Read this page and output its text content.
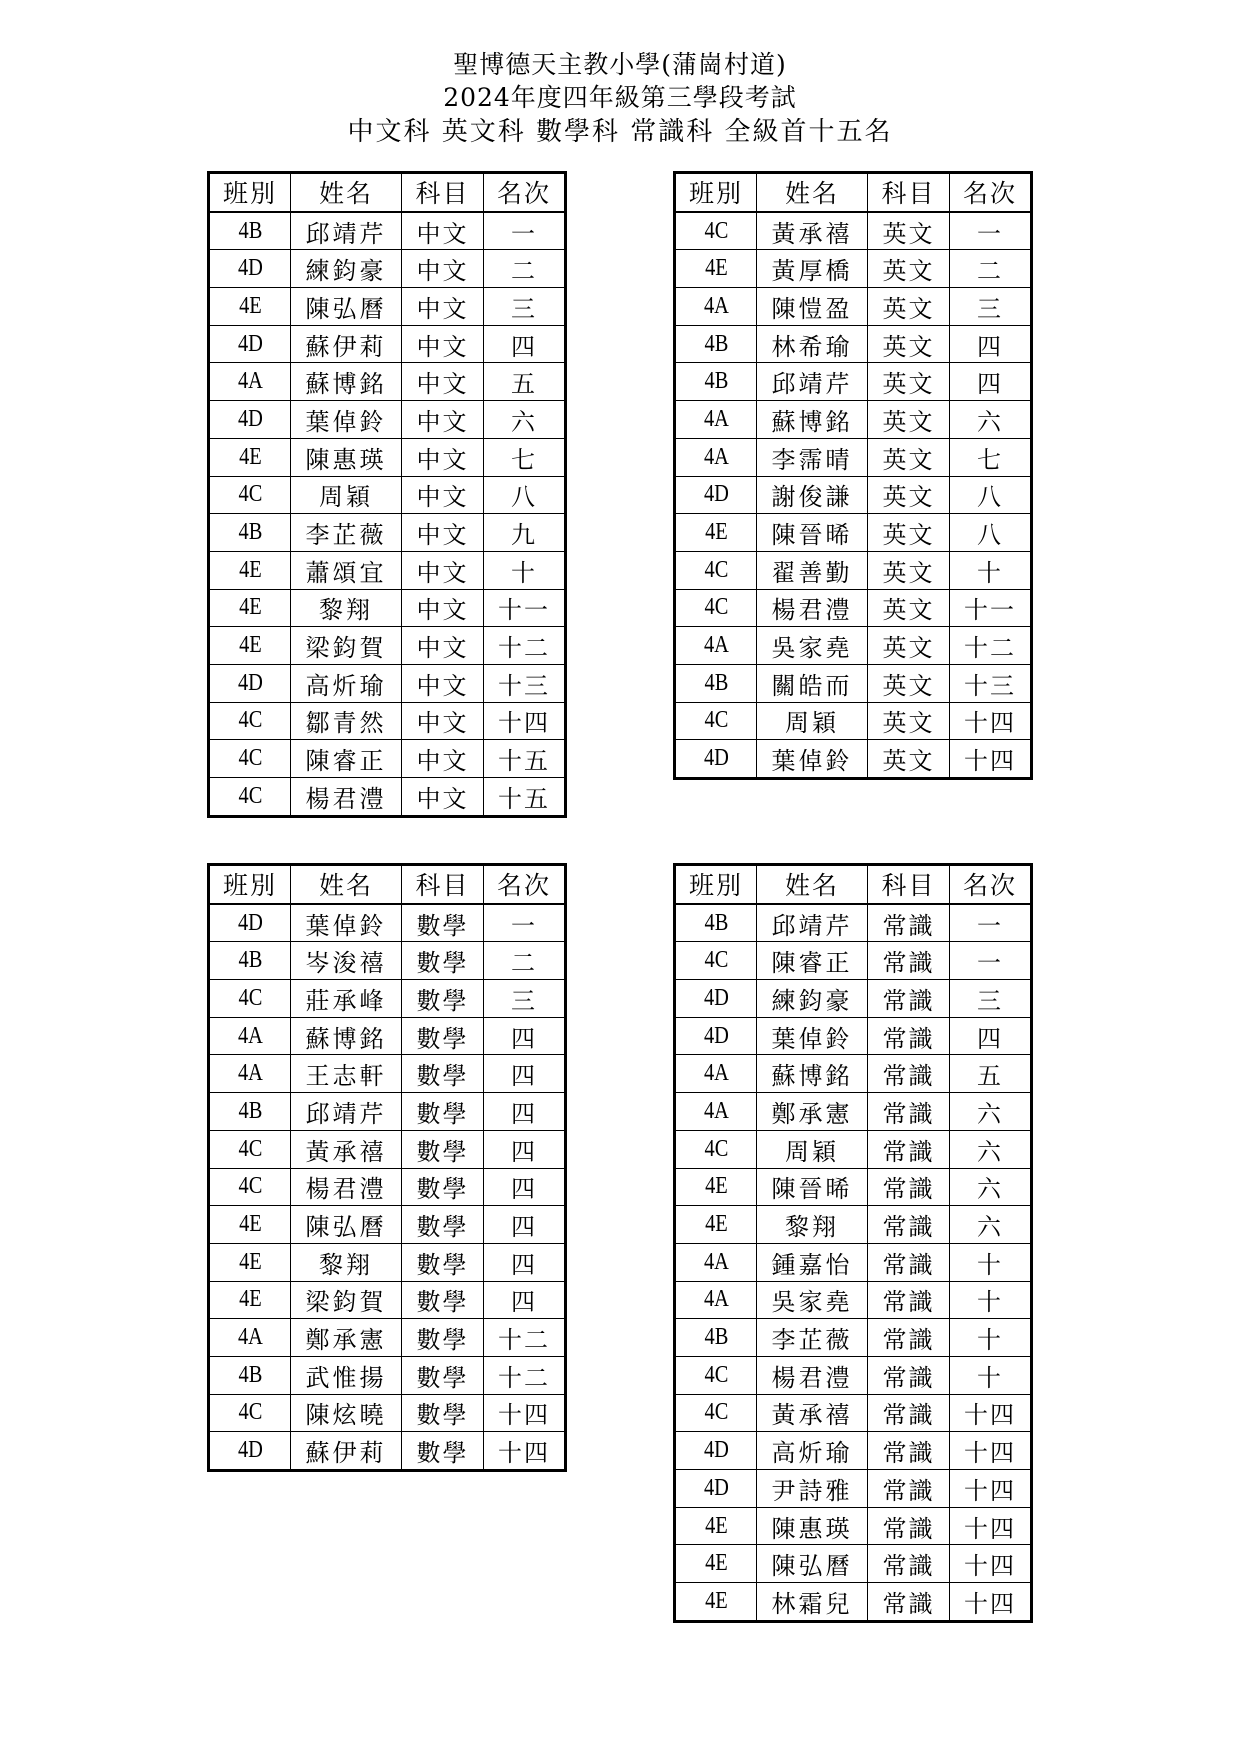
聖博德天主教小學(蒲崗村道)
2024年度四年級第三學段考試
中文科 英文科 數學科 常識科 全級首十五名
班別	姓名	科目	名次
4B	邱靖芹	中文	一
4D	練鈞豪	中文	二
4E	陳弘曆	中文	三
4D	蘇伊莉	中文	四
4A	蘇博銘	中文	五
4D	葉倬鈴	中文	六
4E	陳惠瑛	中文	七
4C	周穎	中文	八
4B	李芷薇	中文	九
4E	蕭頌宜	中文	十
4E	黎翔	中文	十一
4E	梁鈞賀	中文	十二
4D	高炘瑜	中文	十三
4C	鄒青然	中文	十四
4C	陳睿正	中文	十五
4C	楊君澧	中文	十五
班別	姓名	科目	名次
4C	黃承禧	英文	一
4E	黃厚橋	英文	二
4A	陳愷盈	英文	三
4B	林希瑜	英文	四
4B	邱靖芹	英文	四
4A	蘇博銘	英文	六
4A	李霈晴	英文	七
4D	謝俊謙	英文	八
4E	陳晉晞	英文	八
4C	翟善勤	英文	十
4C	楊君澧	英文	十一
4A	吳家堯	英文	十二
4B	關皓而	英文	十三
4C	周穎	英文	十四
4D	葉倬鈴	英文	十四
班別	姓名	科目	名次
4D	葉倬鈴	數學	一
4B	岑浚禧	數學	二
4C	莊承峰	數學	三
4A	蘇博銘	數學	四
4A	王志軒	數學	四
4B	邱靖芹	數學	四
4C	黃承禧	數學	四
4C	楊君澧	數學	四
4E	陳弘曆	數學	四
4E	黎翔	數學	四
4E	梁鈞賀	數學	四
4A	鄭承憲	數學	十二
4B	武惟揚	數學	十二
4C	陳炫曉	數學	十四
4D	蘇伊莉	數學	十四
班別	姓名	科目	名次
4B	邱靖芹	常識	一
4C	陳睿正	常識	一
4D	練鈞豪	常識	三
4D	葉倬鈴	常識	四
4A	蘇博銘	常識	五
4A	鄭承憲	常識	六
4C	周穎	常識	六
4E	陳晉晞	常識	六
4E	黎翔	常識	六
4A	鍾嘉怡	常識	十
4A	吳家堯	常識	十
4B	李芷薇	常識	十
4C	楊君澧	常識	十
4C	黃承禧	常識	十四
4D	高炘瑜	常識	十四
4D	尹詩雅	常識	十四
4E	陳惠瑛	常識	十四
4E	陳弘曆	常識	十四
4E	林霜兒	常識	十四
